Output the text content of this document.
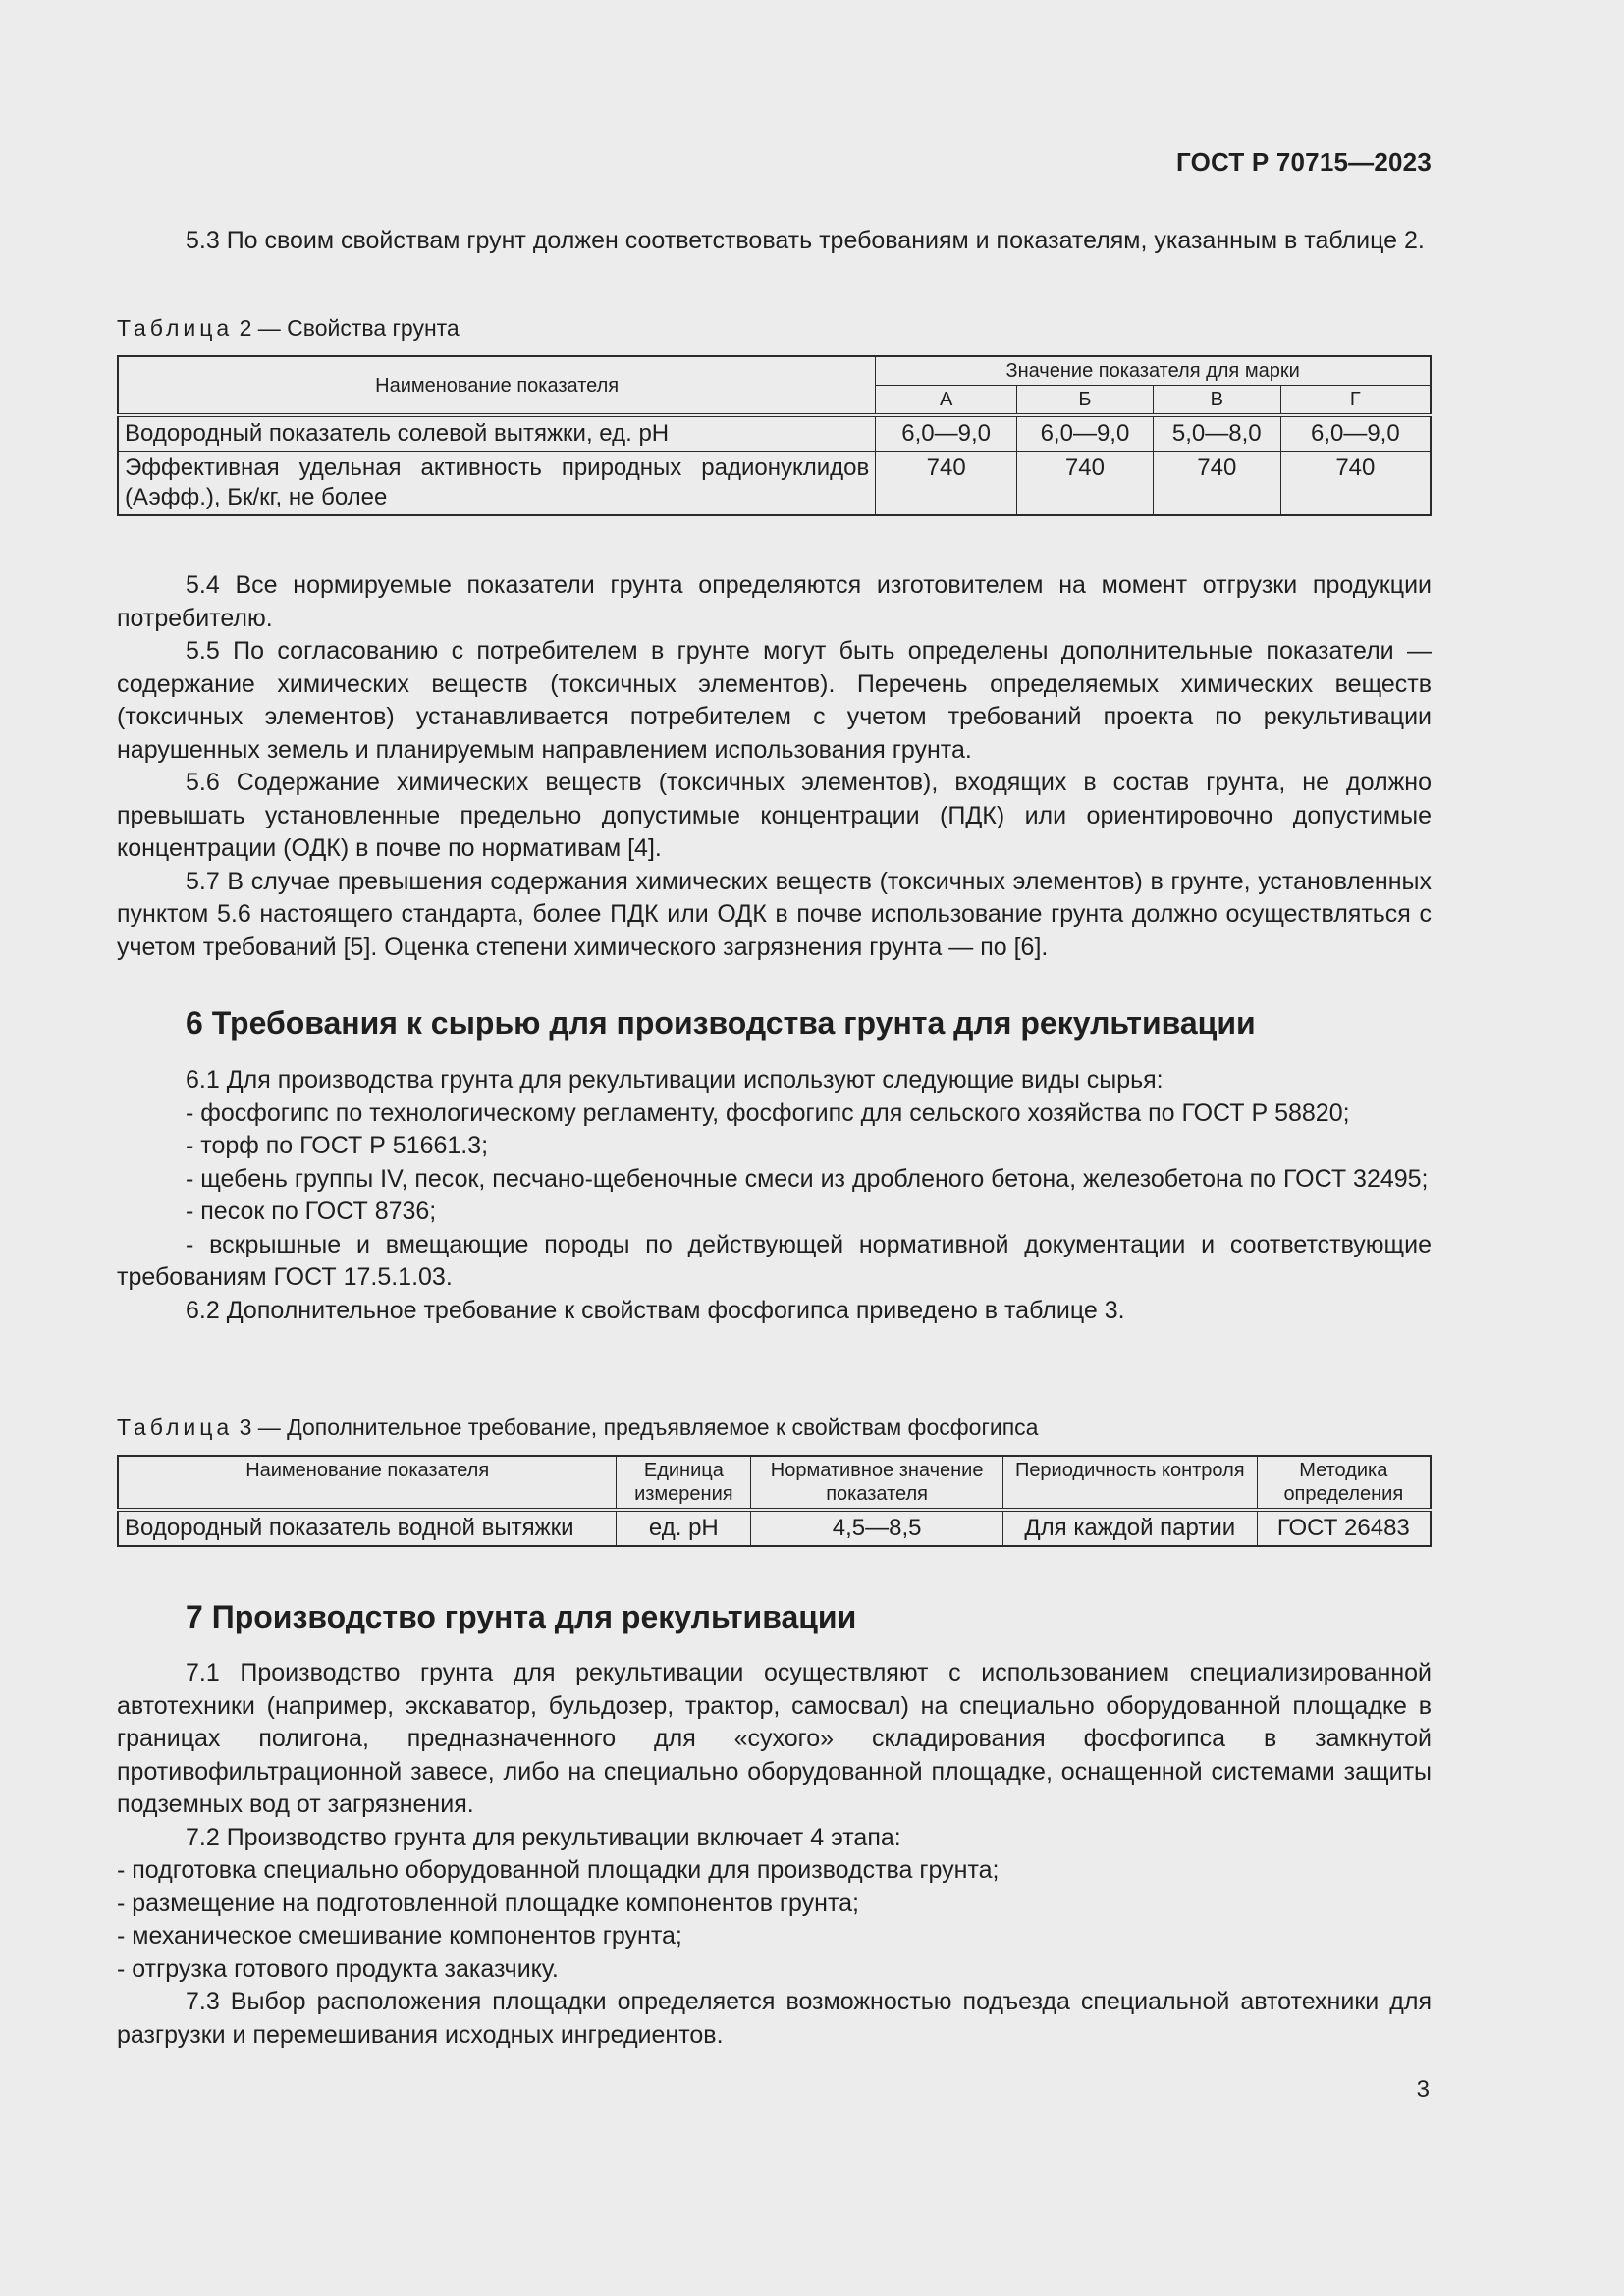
ГОСТ Р 70715—2023

5.3 По своим свойствам грунт должен соответствовать требованиям и показателям, указанным в таблице 2.

Таблица 2 — Свойства грунта

Наименование показателя	Значение показателя для марки			
	А	Б	В	Г
Водородный показатель солевой вытяжки, ед. рН	6,0—9,0	6,0—9,0	5,0—8,0	6,0—9,0
Эффективная удельная активность природных радионуклидов (Аэфф.), Бк/кг, не более	740	740	740	740

5.4 Все нормируемые показатели грунта определяются изготовителем на момент отгрузки продукции потребителю.

5.5 По согласованию с потребителем в грунте могут быть определены дополнительные показатели — содержание химических веществ (токсичных элементов). Перечень определяемых химических веществ (токсичных элементов) устанавливается потребителем с учетом требований проекта по рекультивации нарушенных земель и планируемым направлением использования грунта.

5.6 Содержание химических веществ (токсичных элементов), входящих в состав грунта, не должно превышать установленные предельно допустимые концентрации (ПДК) или ориентировочно допустимые концентрации (ОДК) в почве по нормативам [4].

5.7 В случае превышения содержания химических веществ (токсичных элементов) в грунте, установленных пунктом 5.6 настоящего стандарта, более ПДК или ОДК в почве использование грунта должно осуществляться с учетом требований [5]. Оценка степени химического загрязнения грунта — по [6].

6 Требования к сырью для производства грунта для рекультивации

6.1 Для производства грунта для рекультивации используют следующие виды сырья:

- фосфогипс по технологическому регламенту, фосфогипс для сельского хозяйства по ГОСТ Р 58820;

- торф по ГОСТ Р 51661.3;

- щебень группы IV, песок, песчано-щебеночные смеси из дробленого бетона, железобетона по ГОСТ 32495;

- песок по ГОСТ 8736;

- вскрышные и вмещающие породы по действующей нормативной документации и соответствующие требованиям ГОСТ 17.5.1.03.

6.2 Дополнительное требование к свойствам фосфогипса приведено в таблице 3.

Таблица 3 — Дополнительное требование, предъявляемое к свойствам фосфогипса

Наименование показателя	Единица измерения	Нормативное значение показателя	Периодичность контроля	Методика определения
Водородный показатель водной вытяжки	ед. рН	4,5—8,5	Для каждой партии	ГОСТ 26483
7 Производство грунта для рекультивации

7.1 Производство грунта для рекультивации осуществляют с использованием специализированной автотехники (например, экскаватор, бульдозер, трактор, самосвал) на специально оборудованной площадке в границах полигона, предназначенного для «сухого» складирования фосфогипса в замкнутой противофильтрационной завесе, либо на специально оборудованной площадке, оснащенной системами защиты подземных вод от загрязнения.

7.2 Производство грунта для рекультивации включает 4 этапа:

- подготовка специально оборудованной площадки для производства грунта;

- размещение на подготовленной площадке компонентов грунта;

- механическое смешивание компонентов грунта;

- отгрузка готового продукта заказчику.

7.3 Выбор расположения площадки определяется возможностью подъезда специальной автотехники для разгрузки и перемешивания исходных ингредиентов.

3
